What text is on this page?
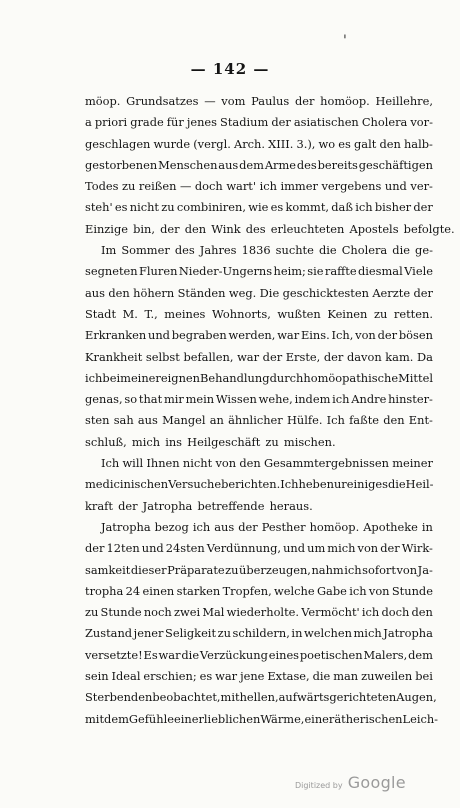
'
— 142 —
möop. Grundsatzes — vom Paulus der homöop. Heillehre,
a priori grade für jenes Stadium der asiatischen Cholera vor-
geschlagen wurde (vergl. Arch. XIII. 3.), wo es galt den halb-
gestorbenen Menschen aus dem Arme des bereits geschäftigen
Todes zu reißen — doch wart' ich immer vergebens und ver-
steh' es nicht zu combiniren, wie es kommt, daß ich bisher der
Einzige bin, der den Wink des erleuchteten Apostels befolgte.
Im Sommer des Jahres 1836 suchte die Cholera die ge-
segneten Fluren Nieder-Ungerns heim; sie raffte diesmal Viele
aus den höhern Ständen weg. Die geschicktesten Aerzte der
Stadt M. T., meines Wohnorts, wußten Keinen zu retten.
Erkranken und begraben werden, war Eins. Ich, von der bösen
Krankheit selbst befallen, war der Erste, der davon kam. Da
ich bei meiner eignen Behandlung durch homöopathische Mittel
genas, so that mir mein Wissen wehe, indem ich Andre hinster-
sten sah aus Mangel an ähnlicher Hülfe. Ich faßte den Ent-
schluß, mich ins Heilgeschäft zu mischen.
Ich will Ihnen nicht von den Gesammtergebnissen meiner
medicinischen Versuche berichten. Ich hebe nur einiges die Heil-
kraft der Jatropha betreffende heraus.
Jatropha bezog ich aus der Pesther homöop. Apotheke in
der 12ten und 24sten Verdünnung, und um mich von der Wirk-
samkeit dieser Präparate zu überzeugen, nahm ich sofort von Ja-
tropha 24 einen starken Tropfen, welche Gabe ich von Stunde
zu Stunde noch zwei Mal wiederholte. Vermöcht' ich doch den
Zustand jener Seligkeit zu schildern, in welchen mich Jatropha
versetzte! Es war die Verzückung eines poetischen Malers, dem
sein Ideal erschien; es war jene Extase, die man zuweilen bei
Sterbenden beobachtet, mit hellen, aufwärtsgerichteten Augen,
mit dem Gefühle einer lieblichen Wärme, einer ätherischen Leich-
Digitized by Google
